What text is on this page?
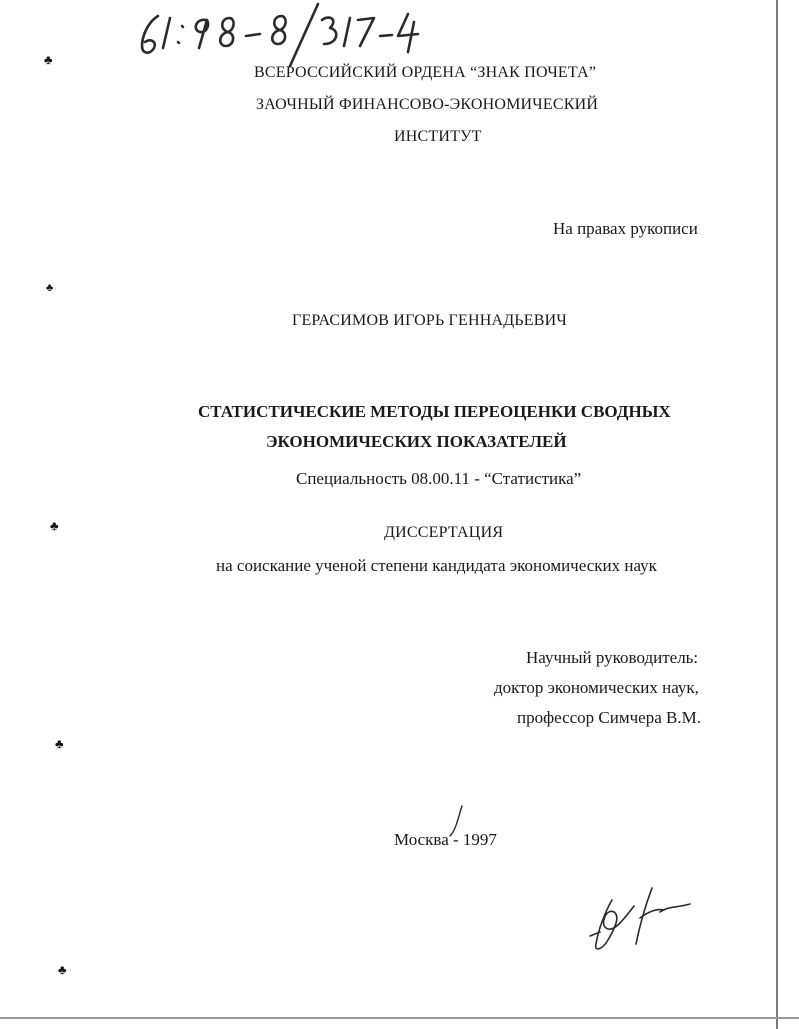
♣
♣
♣
♣
♣
ВСЕРОССИЙСКИЙ ОРДЕНА “ЗНАК ПОЧЕТА”
ЗАОЧНЫЙ ФИНАНСОВО-ЭКОНОМИЧЕСКИЙ
ИНСТИТУТ
На правах рукописи
ГЕРАСИМОВ ИГОРЬ ГЕННАДЬЕВИЧ
СТАТИСТИЧЕСКИЕ МЕТОДЫ ПЕРЕОЦЕНКИ СВОДНЫХ
ЭКОНОМИЧЕСКИХ ПОКАЗАТЕЛЕЙ
Специальность 08.00.11 - “Статистика”
ДИССЕРТАЦИЯ
на соискание ученой степени кандидата экономических наук
Научный руководитель:
доктор экономических наук,
профессор Симчера В.М.
Москва - 1997
